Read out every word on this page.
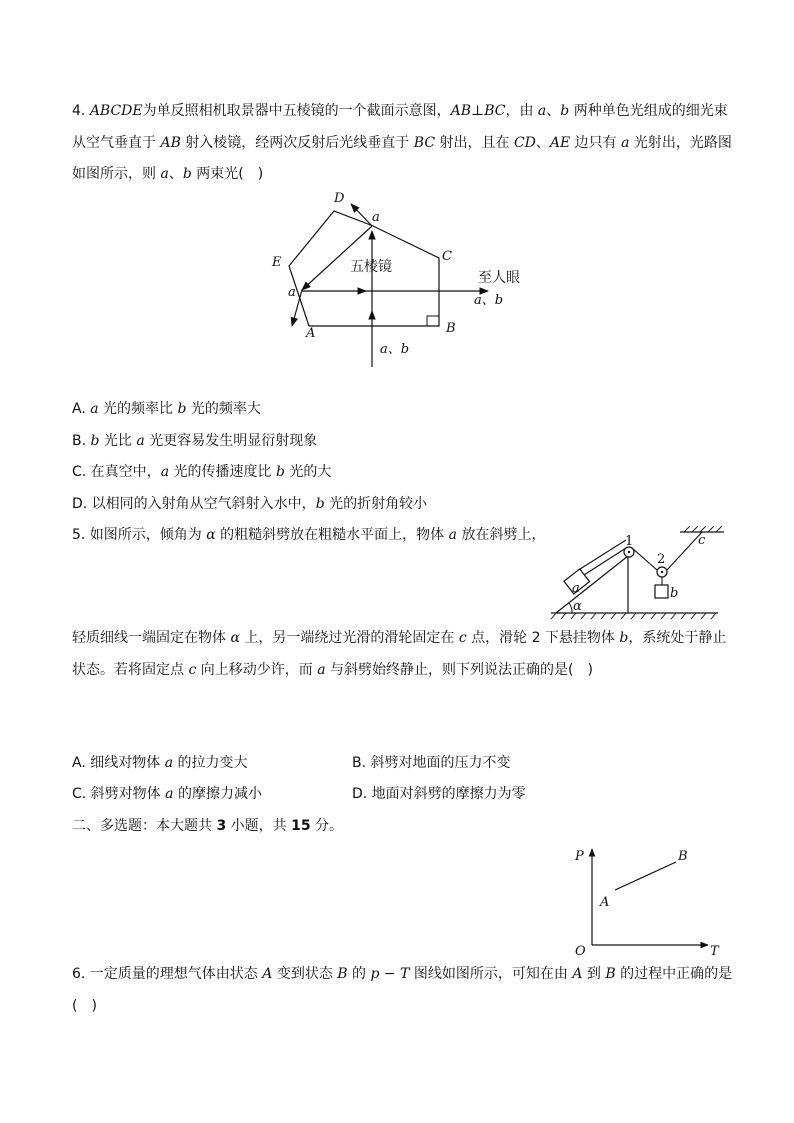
4. ABCDE为单反照相机取景器中五棱镜的一个截面示意图，AB⊥BC，由 a、b 两种单色光组成的细光束
从空气垂直于 AB 射入棱镜，经两次反射后光线垂直于 BC 射出，且在 CD、AE 边只有 a 光射出，光路图
如图所示，则 a、b 两束光(　)
D
a
C
E	五棱镜
至人眼
a
a、b
A	B
a、b
A. a 光的频率比 b 光的频率大
B. b 光比 a 光更容易发生明显衍射现象
C. 在真空中，a 光的传播速度比 b 光的大
D. 以相同的入射角从空气斜射入水中，b 光的折射角较小
5. 如图所示，倾角为 α 的粗糙斜劈放在粗糙水平面上，物体 a 放在斜劈上，	1
2
c
b
a
α
轻质细线一端固定在物体 α 上，另一端绕过光滑的滑轮固定在 c 点，滑轮 2 下悬挂物体 b，系统处于静止
状态。若将固定点 c 向上移动少许，而 a 与斜劈始终静止，则下列说法正确的是(　)
A. 细线对物体 a 的拉力变大	B. 斜劈对地面的压力不变
C. 斜劈对物体 a 的摩擦力减小	D. 地面对斜劈的摩擦力为零
二、多选题：本大题共 3 小题，共 15 分。
P	B
A
O	T
6. 一定质量的理想气体由状态 A 变到状态 B 的 p − T 图线如图所示，可知在由 A 到 B 的过程中正确的是
(　)
